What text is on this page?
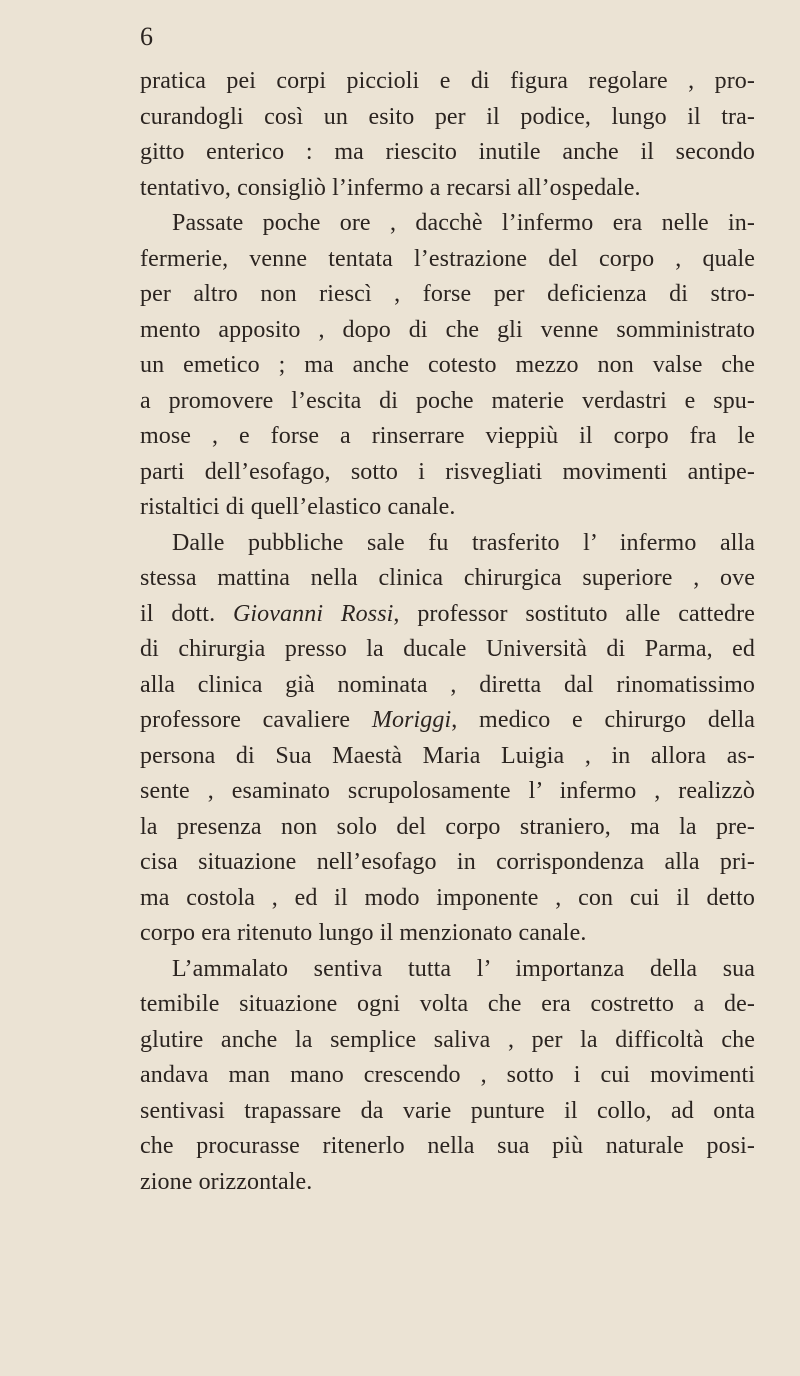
6
pratica pei corpi piccioli e di figura regolare , pro-
curandogli così un esito per il podice, lungo il tra-
gitto enterico : ma riescito inutile anche il secondo
tentativo, consigliò l’infermo a recarsi all’ospedale.
Passate poche ore , dacchè l’infermo era nelle in-
fermerie, venne tentata l’estrazione del corpo , quale
per altro non riescì , forse per deficienza di stro-
mento apposito , dopo di che gli venne somministrato
un emetico ; ma anche cotesto mezzo non valse che
a promovere l’escita di poche materie verdastri e spu-
mose , e forse a rinserrare vieppiù il corpo fra le
parti dell’esofago, sotto i risvegliati movimenti antipe-
ristaltici di quell’elastico canale.
Dalle pubbliche sale fu trasferito l’ infermo alla
stessa mattina nella clinica chirurgica superiore , ove
il dott. Giovanni Rossi, professor sostituto alle cattedre
di chirurgia presso la ducale Università di Parma, ed
alla clinica già nominata , diretta dal rinomatissimo
professore cavaliere Moriggi, medico e chirurgo della
persona di Sua Maestà Maria Luigia , in allora as-
sente , esaminato scrupolosamente l’ infermo , realizzò
la presenza non solo del corpo straniero, ma la pre-
cisa situazione nell’esofago in corrispondenza alla pri-
ma costola , ed il modo imponente , con cui il detto
corpo era ritenuto lungo il menzionato canale.
L’ammalato sentiva tutta l’ importanza della sua
temibile situazione ogni volta che era costretto a de-
glutire anche la semplice saliva , per la difficoltà che
andava man mano crescendo , sotto i cui movimenti
sentivasi trapassare da varie punture il collo, ad onta
che procurasse ritenerlo nella sua più naturale posi-
zione orizzontale.
